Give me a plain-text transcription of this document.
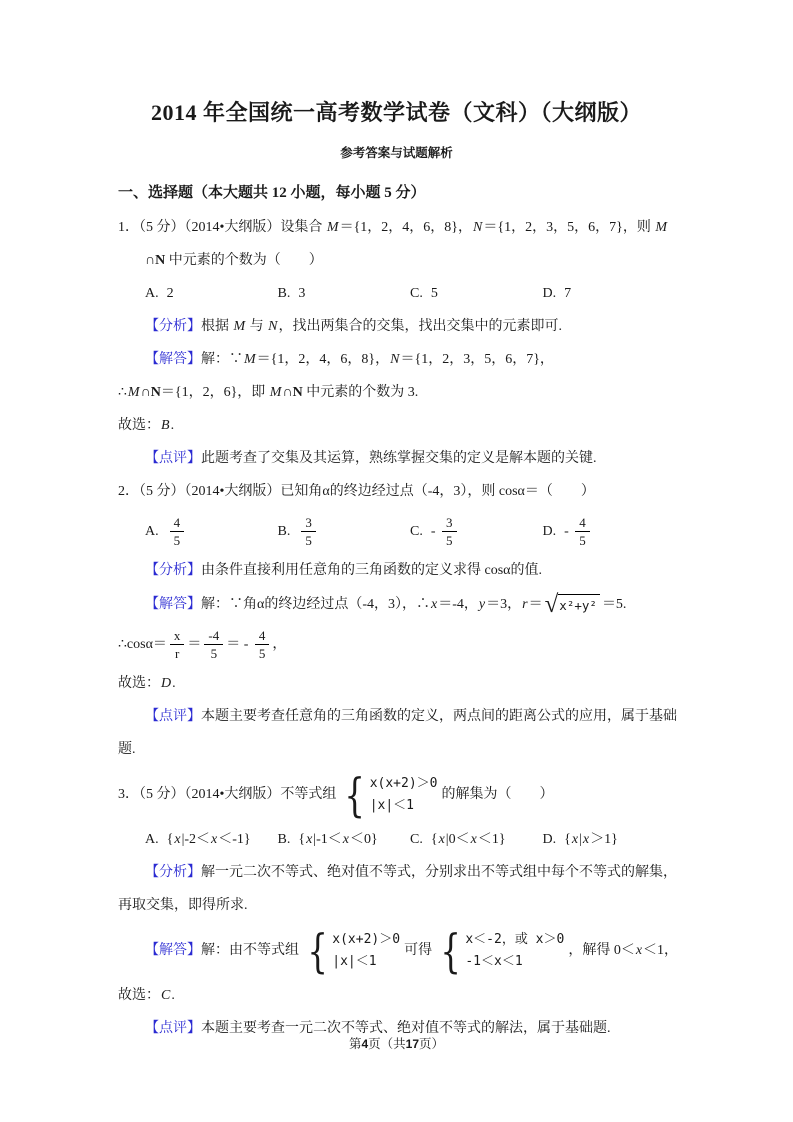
2014 年全国统一高考数学试卷（文科）（大纲版）
参考答案与试题解析
一、选择题（本大题共 12 小题，每小题 5 分）
1．（5 分）（2014•大纲版）设集合 M ＝{1，2，4，6，8}， N ＝{1，2，3，5，6，7}，则 M
∩ N 中元素的个数为（　　）
A. 2	B. 3	C. 5	D. 7
【分析】 根据 M 与 N ，找出两集合的交集，找出交集中的元素即可.
【解答】 解：∵ M ＝{1，2，4，6，8}， N ＝{1，2，3，5，6，7}，
∴ M ∩ N ＝{1，2，6}，即 M ∩ N 中元素的个数为 3.
故选： B .
【点评】 此题考查了交集及其运算，熟练掌握交集的定义是解本题的关键.
2．（5 分）（2014•大纲版）已知角α的终边经过点（-4，3），则 cosα＝（　　）
A. $\frac{4}{5}$	B. $\frac{3}{5}$	C. - $\frac{3}{5}$	D. - $\frac{4}{5}$
【分析】 由条件直接利用任意角的三角函数的定义求得 cosα的值.
【解答】 解：∵角α的终边经过点（-4，3），∴ x ＝-4， y ＝3， r ＝ √ x²+y² ＝5.
∴cosα＝ $\frac{x}{r} = \frac{-4}{5}$ ＝ - $\frac{4}{5}$ ，
故选： D .
【点评】 本题主要考查任意角的三角函数的定义，两点间的距离公式的应用，属于基础
题.
3．（5 分）（2014•大纲版）不等式组 { x(x+2)＞0
|x|＜1
的解集为（　　）
A. { x |-2＜ x ＜-1} B. { x |-1＜ x ＜0} C. { x |0＜ x ＜1}	D. { x | x ＞1}
【分析】 解一元二次不等式、绝对值不等式，分别求出不等式组中每个不等式的解集，
再取交集，即得所求.
【解答】 解：由不等式组 { x(x+2)＞0
|x|＜1
可得 { x＜-2，或 x＞0
-1＜x＜1
，解得 0＜ x ＜1，
故选： C .
【点评】 本题主要考查一元二次不等式、绝对值不等式的解法，属于基础题.
第4页（共17页）
